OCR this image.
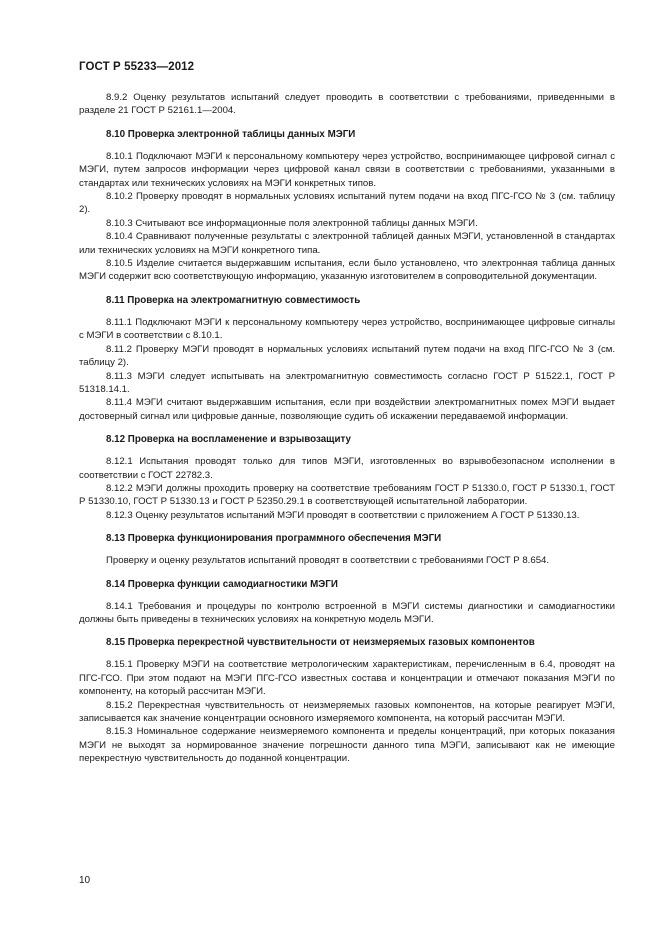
ГОСТ Р 55233—2012

8.9.2 Оценку результатов испытаний следует проводить в соответствии с требованиями, приведенными в разделе 21 ГОСТ Р 52161.1—2004.

8.10 Проверка электронной таблицы данных МЭГИ

8.10.1 Подключают МЭГИ к персональному компьютеру через устройство, воспринимающее цифровой сигнал с МЭГИ, путем запросов информации через цифровой канал связи в соответствии с требованиями, указанными в стандартах или технических условиях на МЭГИ конкретных типов.

8.10.2 Проверку проводят в нормальных условиях испытаний путем подачи на вход ПГС-ГСО № 3 (см. таблицу 2).

8.10.3 Считывают все информационные поля электронной таблицы данных МЭГИ.

8.10.4 Сравнивают полученные результаты с электронной таблицей данных МЭГИ, установленной в стандартах или технических условиях на МЭГИ конкретного типа.

8.10.5 Изделие считается выдержавшим испытания, если было установлено, что электронная таблица данных МЭГИ содержит всю соответствующую информацию, указанную изготовителем в сопроводительной документации.

8.11 Проверка на электромагнитную совместимость

8.11.1 Подключают МЭГИ к персональному компьютеру через устройство, воспринимающее цифровые сигналы с МЭГИ в соответствии с 8.10.1.

8.11.2 Проверку МЭГИ проводят в нормальных условиях испытаний путем подачи на вход ПГС-ГСО № 3 (см. таблицу 2).

8.11.3 МЭГИ следует испытывать на электромагнитную совместимость согласно ГОСТ Р 51522.1, ГОСТ Р 51318.14.1.

8.11.4 МЭГИ считают выдержавшим испытания, если при воздействии электромагнитных помех МЭГИ выдает достоверный сигнал или цифровые данные, позволяющие судить об искажении передаваемой информации.

8.12 Проверка на воспламенение и взрывозащиту

8.12.1 Испытания проводят только для типов МЭГИ, изготовленных во взрывобезопасном исполнении в соответствии с ГОСТ 22782.3.

8.12.2 МЭГИ должны проходить проверку на соответствие требованиям ГОСТ Р 51330.0, ГОСТ Р 51330.1, ГОСТ Р 51330.10, ГОСТ Р 51330.13 и ГОСТ Р 52350.29.1 в соответствующей испытательной лаборатории.

8.12.3 Оценку результатов испытаний МЭГИ проводят в соответствии с приложением А ГОСТ Р 51330.13.

8.13 Проверка функционирования программного обеспечения МЭГИ

Проверку и оценку результатов испытаний проводят в соответствии с требованиями ГОСТ Р 8.654.

8.14 Проверка функции самодиагностики МЭГИ

8.14.1 Требования и процедуры по контролю встроенной в МЭГИ системы диагностики и самодиагностики должны быть приведены в технических условиях на конкретную модель МЭГИ.

8.15 Проверка перекрестной чувствительности от неизмеряемых газовых компонентов

8.15.1 Проверку МЭГИ на соответствие метрологическим характеристикам, перечисленным в 6.4, проводят на ПГС-ГСО. При этом подают на МЭГИ ПГС-ГСО известных состава и концентрации и отмечают показания МЭГИ по компоненту, на который рассчитан МЭГИ.

8.15.2 Перекрестная чувствительность от неизмеряемых газовых компонентов, на которые реагирует МЭГИ, записывается как значение концентрации основного измеряемого компонента, на который рассчитан МЭГИ.

8.15.3 Номинальное содержание неизмеряемого компонента и пределы концентраций, при которых показания МЭГИ не выходят за нормированное значение погрешности данного типа МЭГИ, записывают как не имеющие перекрестную чувствительность до поданной концентрации.

10
